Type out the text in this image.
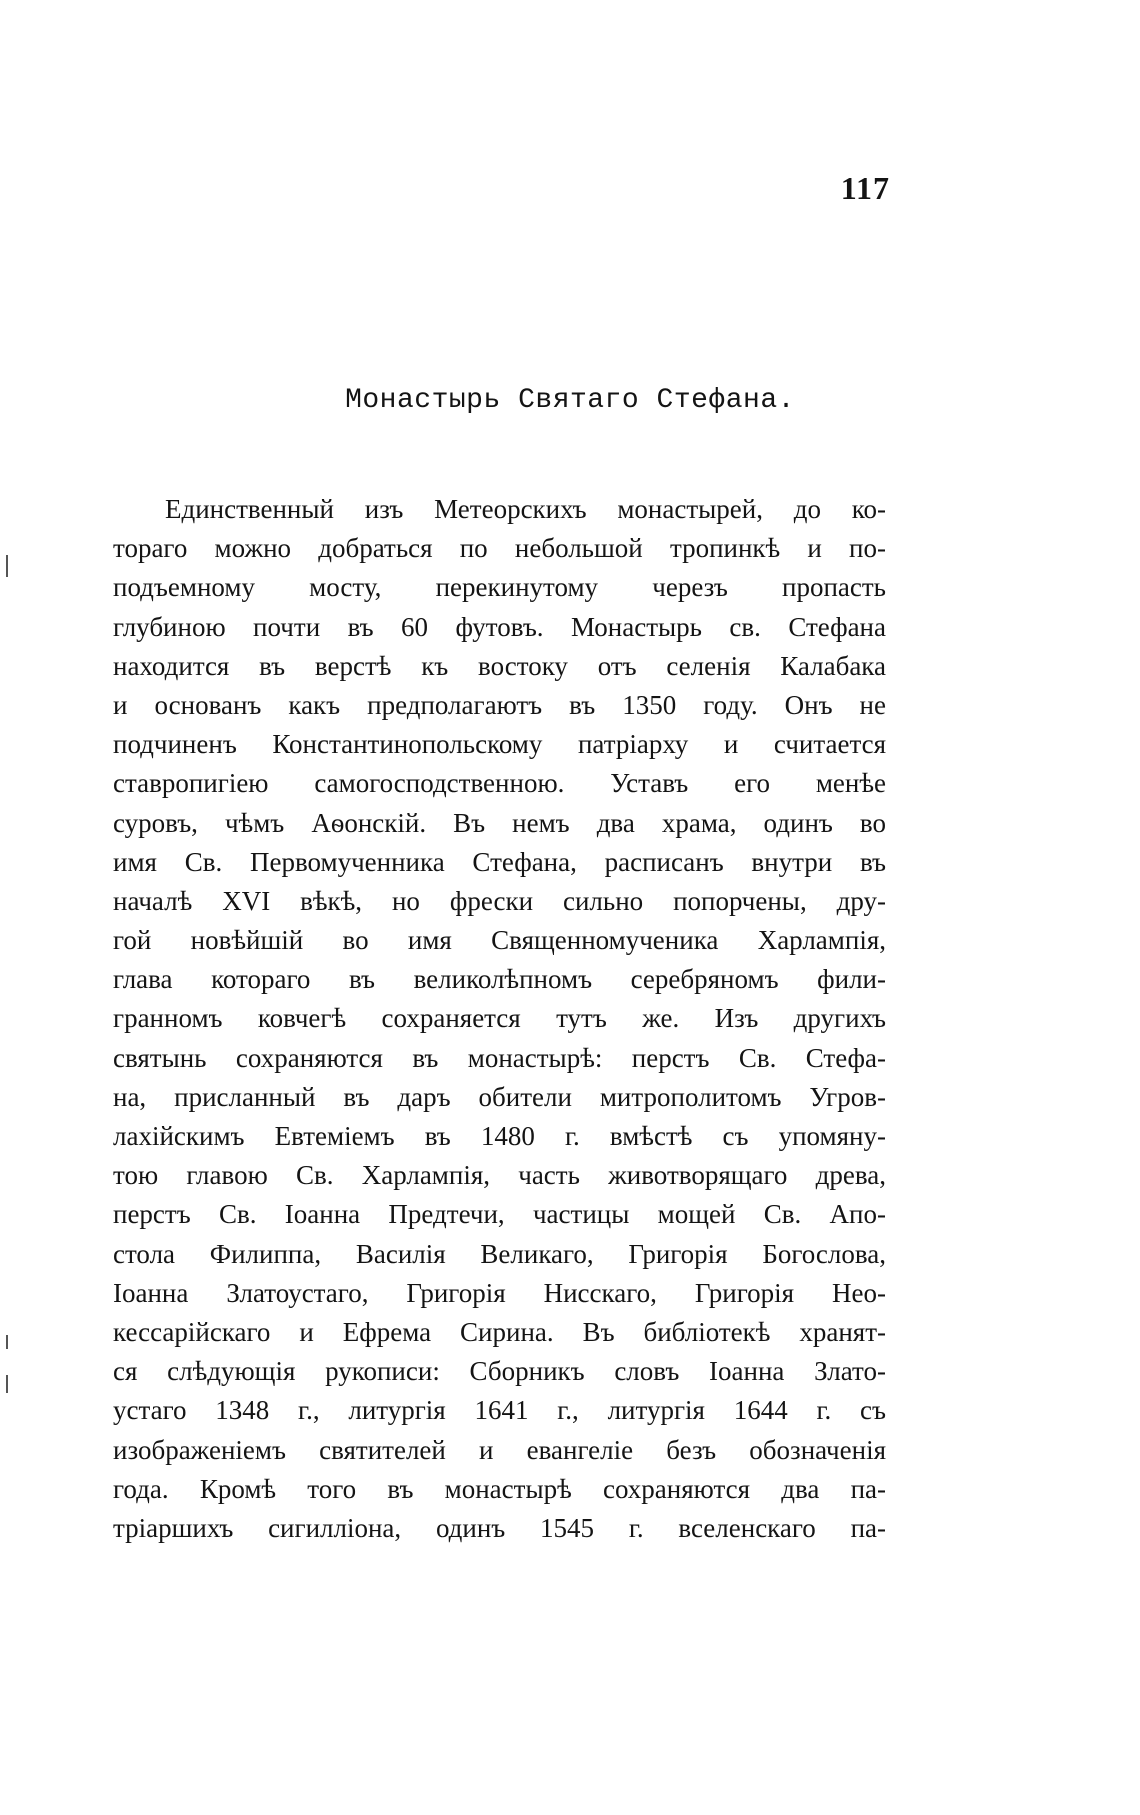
117
Монастырь Святаго Стефана.
Единственный изъ Метеорскихъ монастырей, до ко-
тораго можно добраться по небольшой тропинкѣ и по-
подъемному мосту, перекинутому черезъ пропасть
глубиною почти въ 60 футовъ. Монастырь св. Стефана
находится въ верстѣ къ востоку отъ селенія Калабака
и основанъ какъ предполагаютъ въ 1350 году. Онъ не
подчиненъ Константинопольскому патріарху и считается
ставропигіею самогосподственною. Уставъ его менѣе
суровъ, чѣмъ Аѳонскій. Въ немъ два храма, одинъ во
имя Св. Первомученника Стефана, расписанъ внутри въ
началѣ XVI вѣкѣ, но фрески сильно попорчены, дру-
гой новѣйшій во имя Священномученика Харлампія,
глава котораго въ великолѣпномъ серебряномъ фили-
гранномъ ковчегѣ сохраняется тутъ же. Изъ другихъ
святынь сохраняются въ монастырѣ: перстъ Св. Стефа-
на, присланный въ даръ обители митрополитомъ Угров-
лахійскимъ Евтеміемъ въ 1480 г. вмѣстѣ съ упомяну-
тою главою Св. Харлампія, часть животворящаго древа,
перстъ Св. Іоанна Предтечи, частицы мощей Св. Апо-
стола Филиппа, Василія Великаго, Григорія Богослова,
Іоанна Златоустаго, Григорія Нисскаго, Григорія Нео-
кессарійскаго и Ефрема Сирина. Въ библіотекѣ хранят-
ся слѣдующія рукописи: Сборникъ словъ Іоанна Злато-
устаго 1348 г., литургія 1641 г., литургія 1644 г. съ
изображеніемъ святителей и евангеліе безъ обозначенія
года. Кромѣ того въ монастырѣ сохраняются два па-
тріаршихъ сигилліона, одинъ 1545 г. вселенскаго па-
